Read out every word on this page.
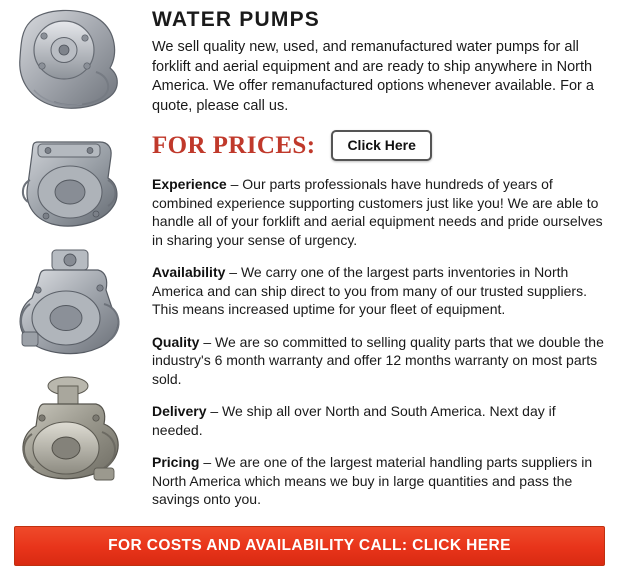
WATER PUMPS

We sell quality new, used, and remanufactured water pumps for all forklift and aerial equipment and are ready to ship anywhere in North America. We offer remanufactured options whenever available. For a quote, please call us.

FOR PRICES:	Click Here
Experience – Our parts professionals have hundreds of years of combined experience supporting customers just like you! We are able to handle all of your forklift and aerial equipment needs and pride ourselves in sharing your sense of urgency.
Availability – We carry one of the largest parts inventories in North America and can ship direct to you from many of our trusted suppliers. This means increased uptime for your fleet of equipment.
Quality – We are so committed to selling quality parts that we double the industry's 6 month warranty and offer 12 months warranty on most parts sold.
Delivery – We ship all over North and South America. Next day if needed.
Pricing – We are one of the largest material handling parts suppliers in North America which means we buy in large quantities and pass the savings onto you.
FOR COSTS AND AVAILABILITY CALL: CLICK HERE
